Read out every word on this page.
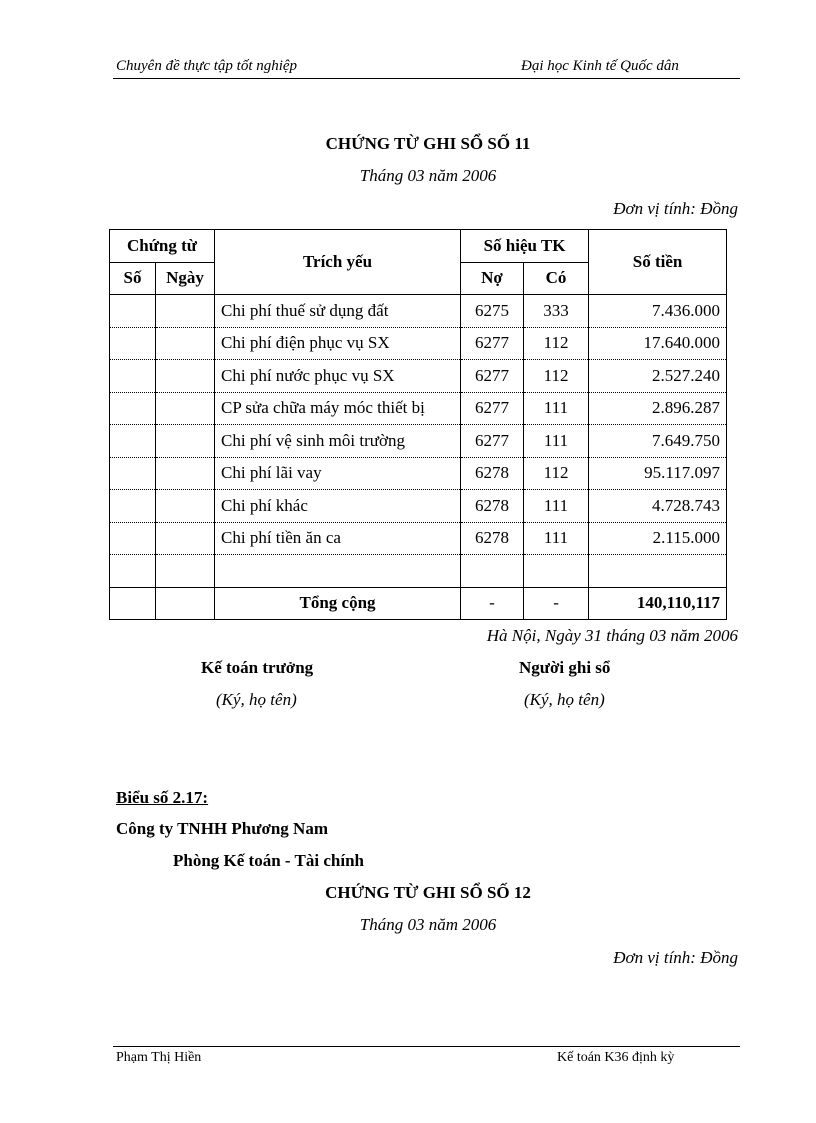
Chuyên đề thực tập tốt nghiệp	Đại học Kinh tế Quốc dân
CHỨNG TỪ GHI SỔ SỐ 11
Tháng 03 năm 2006
Đơn vị tính: Đồng
Chứng từ		Trích yếu	Số hiệu TK		Số tiền
Số	Ngày		Nợ	Có	
		Chi phí thuế sử dụng đất	6275	333	7.436.000
		Chi phí điện phục vụ SX	6277	112	17.640.000
		Chi phí nước phục vụ SX	6277	112	2.527.240
		CP sửa chữa máy móc thiết bị	6277	111	2.896.287
		Chi phí vệ sinh môi trường	6277	111	7.649.750
		Chi phí lãi vay	6278	112	95.117.097
		Chi phí khác	6278	111	4.728.743
		Chi phí tiền ăn ca	6278	111	2.115.000

		Tổng cộng	-	-	140,110,117
Hà Nội, Ngày 31 tháng 03 năm 2006
Kế toán trưởng
(Ký, họ tên)
Người ghi sổ
(Ký, họ tên)
Biểu số 2.17:
Công ty TNHH Phương Nam
Phòng Kế toán - Tài chính
CHỨNG TỪ GHI SỔ SỐ 12
Tháng 03 năm 2006
Đơn vị tính: Đồng
Phạm Thị Hiền	Kế toán K36 định kỳ
